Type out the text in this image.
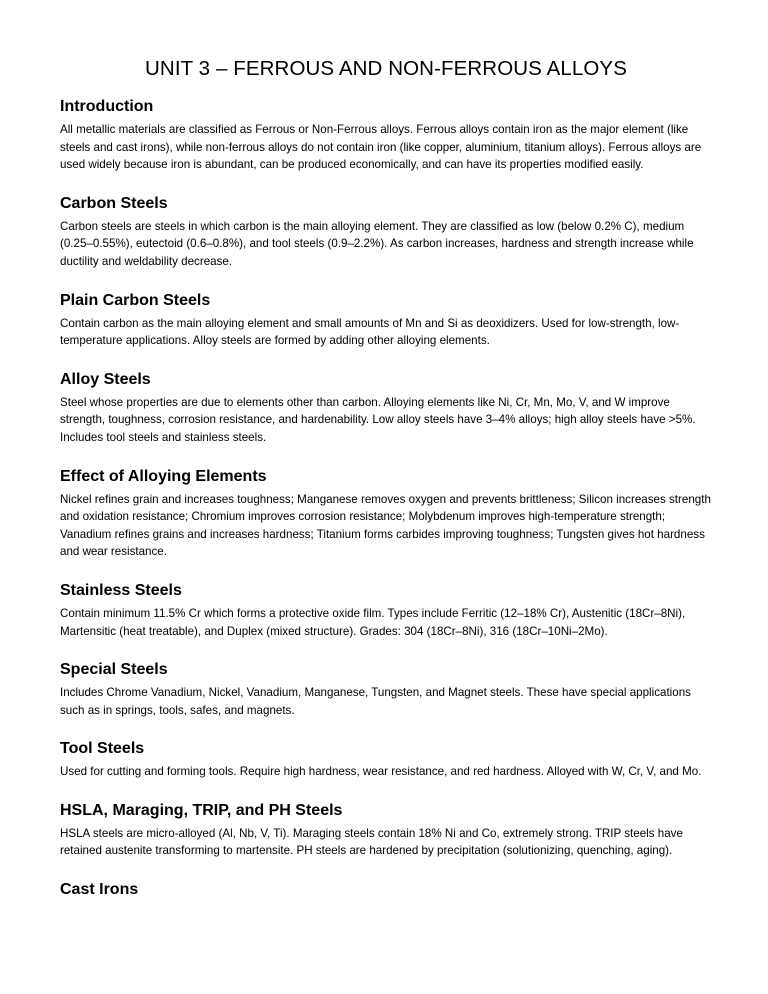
UNIT 3 – FERROUS AND NON-FERROUS ALLOYS
Introduction

All metallic materials are classified as Ferrous or Non-Ferrous alloys. Ferrous alloys contain iron as the major element (like steels and cast irons), while non-ferrous alloys do not contain iron (like copper, aluminium, titanium alloys). Ferrous alloys are used widely because iron is abundant, can be produced economically, and can have its properties modified easily.

Carbon Steels

Carbon steels are steels in which carbon is the main alloying element. They are classified as low (below 0.2% C), medium (0.25–0.55%), eutectoid (0.6–0.8%), and tool steels (0.9–2.2%). As carbon increases, hardness and strength increase while ductility and weldability decrease.

Plain Carbon Steels

Contain carbon as the main alloying element and small amounts of Mn and Si as deoxidizers. Used for low-strength, low-temperature applications. Alloy steels are formed by adding other alloying elements.

Alloy Steels

Steel whose properties are due to elements other than carbon. Alloying elements like Ni, Cr, Mn, Mo, V, and W improve strength, toughness, corrosion resistance, and hardenability. Low alloy steels have 3–4% alloys; high alloy steels have >5%. Includes tool steels and stainless steels.

Effect of Alloying Elements

Nickel refines grain and increases toughness; Manganese removes oxygen and prevents brittleness; Silicon increases strength and oxidation resistance; Chromium improves corrosion resistance; Molybdenum improves high-temperature strength; Vanadium refines grains and increases hardness; Titanium forms carbides improving toughness; Tungsten gives hot hardness and wear resistance.

Stainless Steels

Contain minimum 11.5% Cr which forms a protective oxide film. Types include Ferritic (12–18% Cr), Austenitic (18Cr–8Ni), Martensitic (heat treatable), and Duplex (mixed structure). Grades: 304 (18Cr–8Ni), 316 (18Cr–10Ni–2Mo).

Special Steels

Includes Chrome Vanadium, Nickel, Vanadium, Manganese, Tungsten, and Magnet steels. These have special applications such as in springs, tools, safes, and magnets.

Tool Steels

Used for cutting and forming tools. Require high hardness, wear resistance, and red hardness. Alloyed with W, Cr, V, and Mo.

HSLA, Maraging, TRIP, and PH Steels

HSLA steels are micro-alloyed (Al, Nb, V, Ti). Maraging steels contain 18% Ni and Co, extremely strong. TRIP steels have retained austenite transforming to martensite. PH steels are hardened by precipitation (solutionizing, quenching, aging).

Cast Irons
